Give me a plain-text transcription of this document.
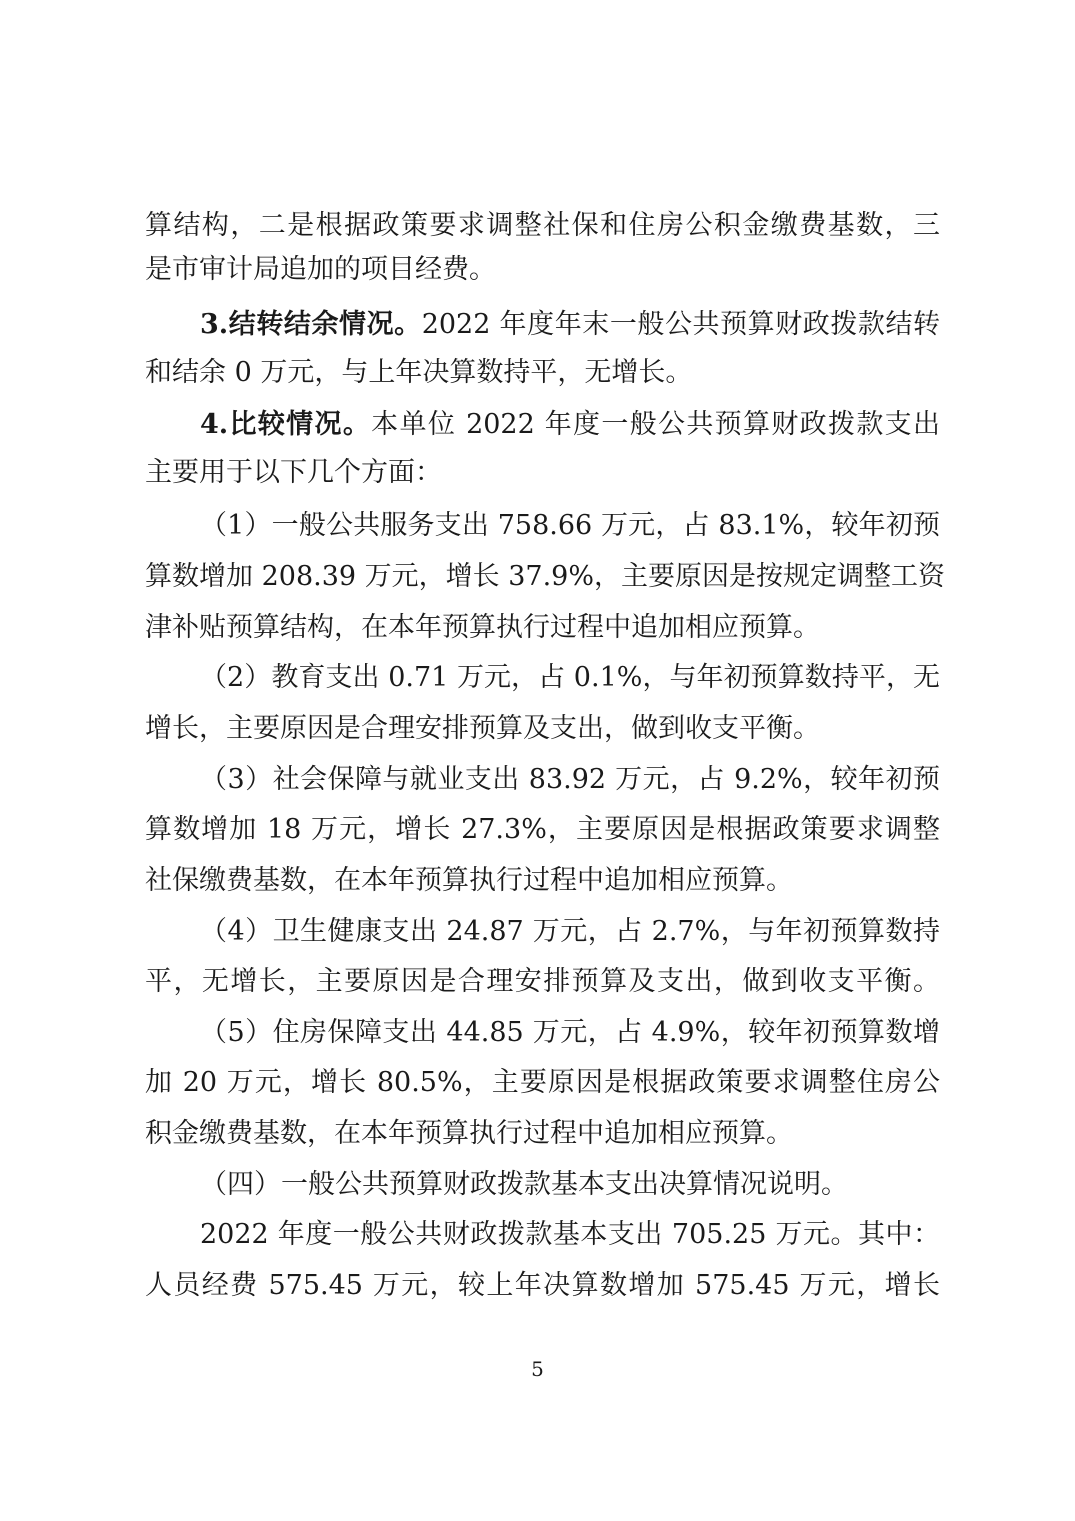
算结构，二是根据政策要求调整社保和住房公积金缴费基数，三
是市审计局追加的项目经费。
3.结转结余情况。2022 年度年末一般公共预算财政拨款结转
和结余 0 万元，与上年决算数持平，无增长。
4.比较情况。本单位 2022 年度一般公共预算财政拨款支出
主要用于以下几个方面：
（1）一般公共服务支出 758.66 万元，占 83.1%，较年初预
算数增加 208.39 万元，增长 37.9%，主要原因是按规定调整工资
津补贴预算结构，在本年预算执行过程中追加相应预算。
（2）教育支出 0.71 万元，占 0.1%，与年初预算数持平，无
增长，主要原因是合理安排预算及支出，做到收支平衡。
（3）社会保障与就业支出 83.92 万元，占 9.2%，较年初预
算数增加 18 万元，增长 27.3%，主要原因是根据政策要求调整
社保缴费基数，在本年预算执行过程中追加相应预算。
（4）卫生健康支出 24.87 万元，占 2.7%，与年初预算数持
平，无增长，主要原因是合理安排预算及支出，做到收支平衡。
（5）住房保障支出 44.85 万元，占 4.9%，较年初预算数增
加 20 万元，增长 80.5%，主要原因是根据政策要求调整住房公
积金缴费基数，在本年预算执行过程中追加相应预算。
（四）一般公共预算财政拨款基本支出决算情况说明。
2022 年度一般公共财政拨款基本支出 705.25 万元。其中：
人员经费 575.45 万元，较上年决算数增加 575.45 万元，增长
5
